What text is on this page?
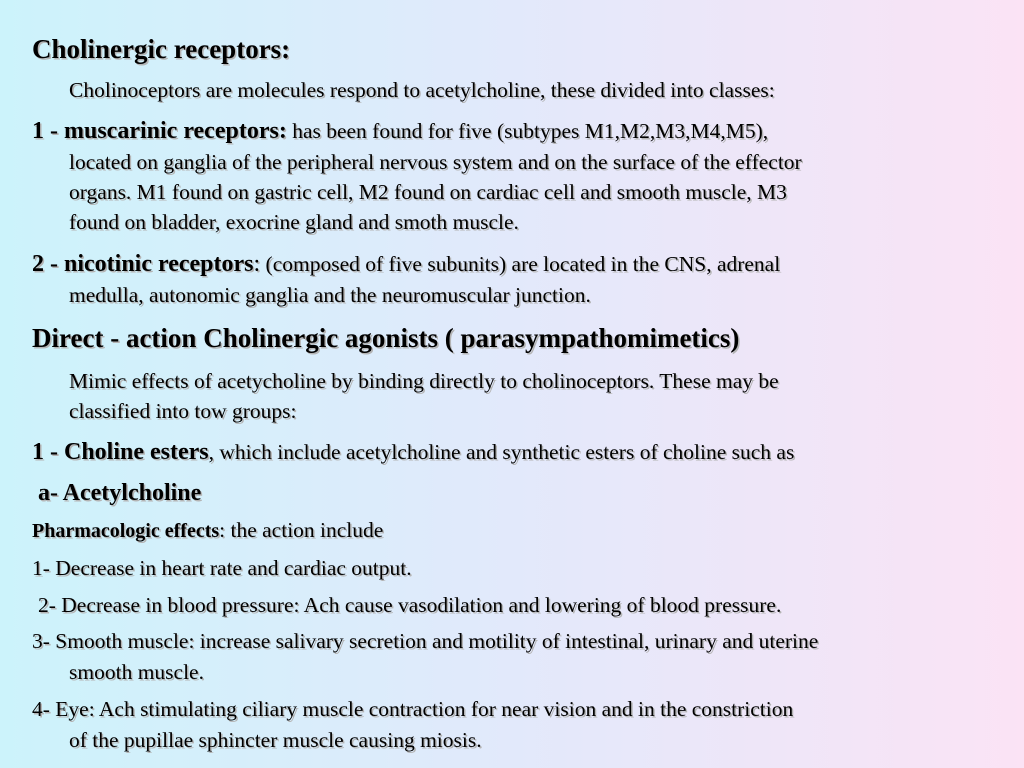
Cholinergic receptors:
Cholinoceptors are molecules respond to acetylcholine, these divided into classes:
1 - muscarinic receptors: has been found for five (subtypes M1,M2,M3,M4,M5),
located on ganglia of the peripheral nervous system and on the surface of the effector
organs. M1 found on gastric cell, M2 found on cardiac cell and smooth muscle, M3
found on bladder, exocrine gland and smoth muscle.
2 - nicotinic receptors: (composed of five subunits) are located in the CNS, adrenal
medulla, autonomic ganglia and the neuromuscular junction.
Direct - action Cholinergic agonists ( parasympathomimetics)
Mimic effects of acetycholine by binding directly to cholinoceptors. These may be
classified into tow groups:
1 - Choline esters, which include acetylcholine and synthetic esters of choline such as
a- Acetylcholine
Pharmacologic effects: the action include
1- Decrease in heart rate and cardiac output.
2- Decrease in blood pressure: Ach cause vasodilation and lowering of blood pressure.
3- Smooth muscle: increase salivary secretion and motility of intestinal, urinary and uterine
smooth muscle.
4- Eye: Ach stimulating ciliary muscle contraction for near vision and in the constriction
of the pupillae sphincter muscle causing miosis.
